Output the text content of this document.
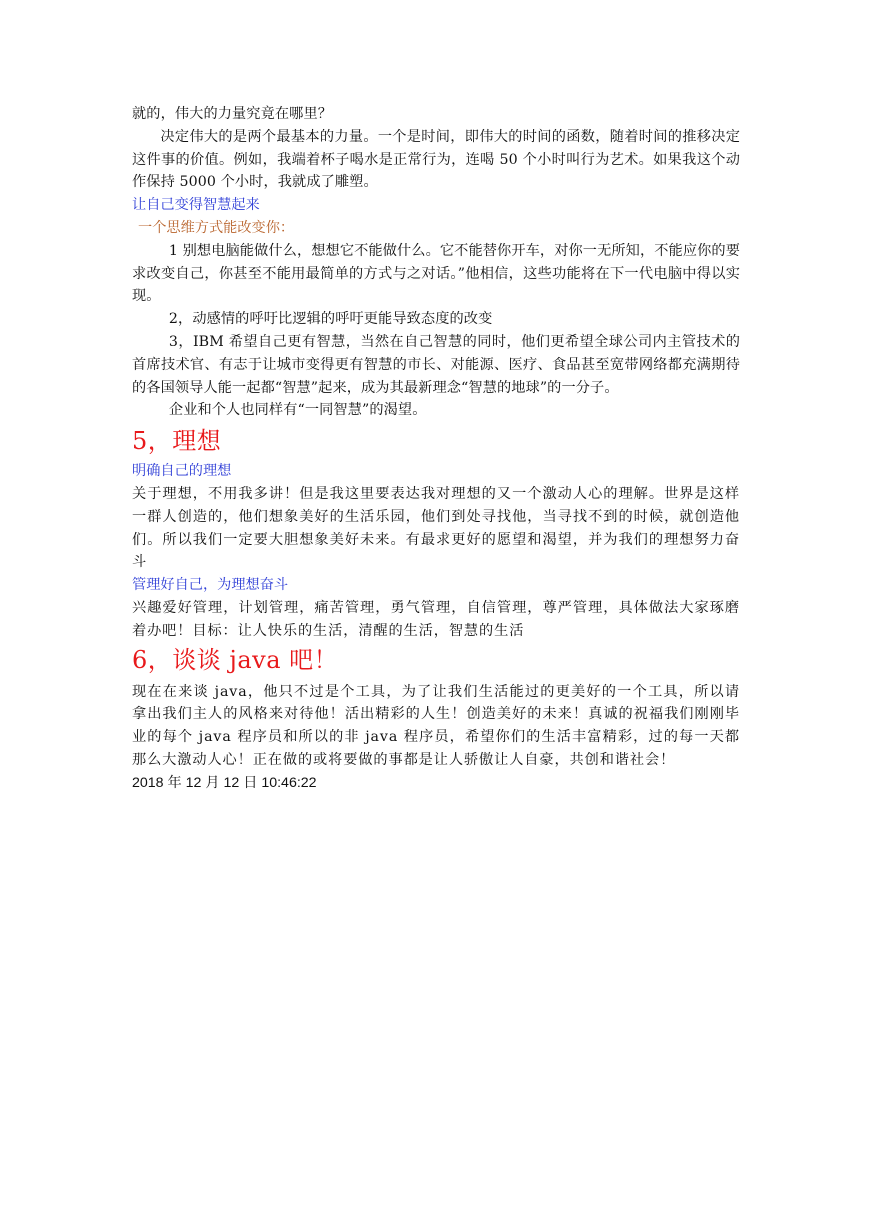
就的，伟大的力量究竟在哪里？

决定伟大的是两个最基本的力量。一个是时间，即伟大的时间的函数，随着时间的推移决定这件事的价值。例如，我端着杯子喝水是正常行为，连喝 50 个小时叫行为艺术。如果我这个动作保持 5000 个小时，我就成了雕塑。

让自己变得智慧起来
一个思维方式能改变你：

1 别想电脑能做什么，想想它不能做什么。它不能替你开车，对你一无所知，不能应你的要求改变自己，你甚至不能用最简单的方式与之对话。”他相信，这些功能将在下一代电脑中得以实现。

2，动感情的呼吁比逻辑的呼吁更能导致态度的改变

3，IBM 希望自己更有智慧，当然在自己智慧的同时，他们更希望全球公司内主管技术的首席技术官、有志于让城市变得更有智慧的市长、对能源、医疗、食品甚至宽带网络都充满期待的各国领导人能一起都“智慧”起来，成为其最新理念“智慧的地球”的一分子。

企业和个人也同样有“一同智慧”的渴望。

5，理想
明确自己的理想

关于理想，不用我多讲！但是我这里要表达我对理想的又一个激动人心的理解。世界是这样一群人创造的，他们想象美好的生活乐园，他们到处寻找他，当寻找不到的时候，就创造他们。所以我们一定要大胆想象美好未来。有最求更好的愿望和渴望，并为我们的理想努力奋斗

管理好自己，为理想奋斗

兴趣爱好管理，计划管理，痛苦管理，勇气管理，自信管理，尊严管理，具体做法大家琢磨着办吧！目标：让人快乐的生活，清醒的生活，智慧的生活

6，谈谈 java 吧！

现在在来谈 java，他只不过是个工具，为了让我们生活能过的更美好的一个工具，所以请拿出我们主人的风格来对待他！活出精彩的人生！创造美好的未来！真诚的祝福我们刚刚毕业的每个 java 程序员和所以的非 java 程序员，希望你们的生活丰富精彩，过的每一天都那么大激动人心！正在做的或将要做的事都是让人骄傲让人自豪，共创和谐社会！

2018 年 12 月 12 日 10:46:22
